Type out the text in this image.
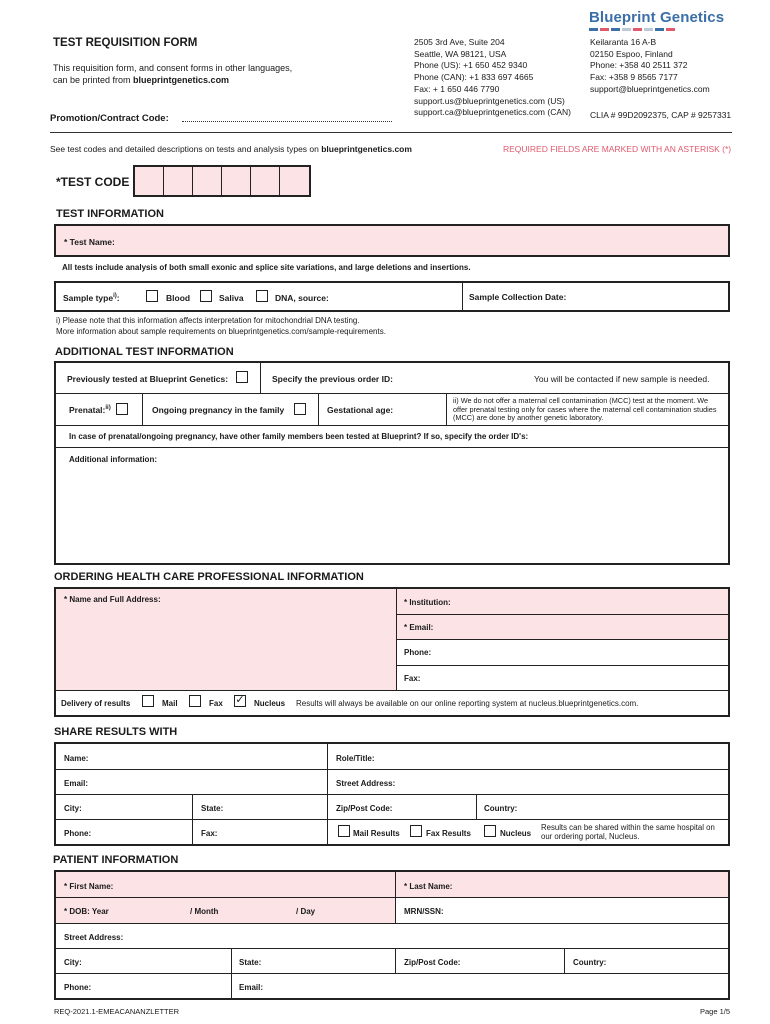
TEST REQUISITION FORM
This requisition form, and consent forms in other languages,
can be printed from blueprintgenetics.com
Promotion/Contract Code:
2505 3rd Ave, Suite 204
Seattle, WA 98121, USA
Phone (US): +1 650 452 9340
Phone (CAN): +1 833 697 4665
Fax: + 1 650 446 7790
support.us@blueprintgenetics.com (US)
support.ca@blueprintgenetics.com (CAN)
Keilaranta 16 A-B
02150 Espoo, Finland
Phone: +358 40 2511 372
Fax: +358 9 8565 7177
support@blueprintgenetics.com
CLIA # 99D2092375, CAP # 9257331
Blueprint Genetics
See test codes and detailed descriptions on tests and analysis types on blueprintgenetics.com	REQUIRED FIELDS ARE MARKED WITH AN ASTERISK (*)
*TEST CODE
TEST INFORMATION
* Test Name:
All tests include analysis of both small exonic and splice site variations, and large deletions and insertions.
Sample type$^{i)}$:	Blood	Saliva	DNA, source:	Sample Collection Date:
i) Please note that this information affects interpretation for mitochondrial DNA testing.
More information about sample requirements on blueprintgenetics.com/sample-requirements.
ADDITIONAL TEST INFORMATION
Previously tested at Blueprint Genetics:	Specify the previous order ID:	You will be contacted if new sample is needed.
Prenatal:$^{ii)}$	Ongoing pregnancy in the family	Gestational age:
ii) We do not offer a maternal cell contamination (MCC) test at the moment. We offer prenatal testing only for cases where the maternal cell contamination studies (MCC) are done by another genetic laboratory.
In case of prenatal/ongoing pregnancy, have other family members been tested at Blueprint? If so, specify the order ID's:
Additional information:
ORDERING HEALTH CARE PROFESSIONAL INFORMATION
* Name and Full Address:	* Institution:
* Email:
Phone:
Fax:
Delivery of results	Mail	Fax ✓ Nucleus Results will always be available on our online reporting system at nucleus.blueprintgenetics.com.
SHARE RESULTS WITH
Name:	Role/Title:
Email:	Street Address:
City:	State:	Zip/Post Code:	Country:
Phone:	Fax:	Mail Results	Fax Results	Nucleus
Results can be shared within the same hospital on our ordering portal, Nucleus.
PATIENT INFORMATION
* First Name:	* Last Name:
* DOB: Year	/ Month	/ Day	MRN/SSN:
Street Address:
City:	State:	Zip/Post Code:	Country:
Phone:	Email:
REQ-2021.1-EMEACANANZLETTER	Page 1/5
